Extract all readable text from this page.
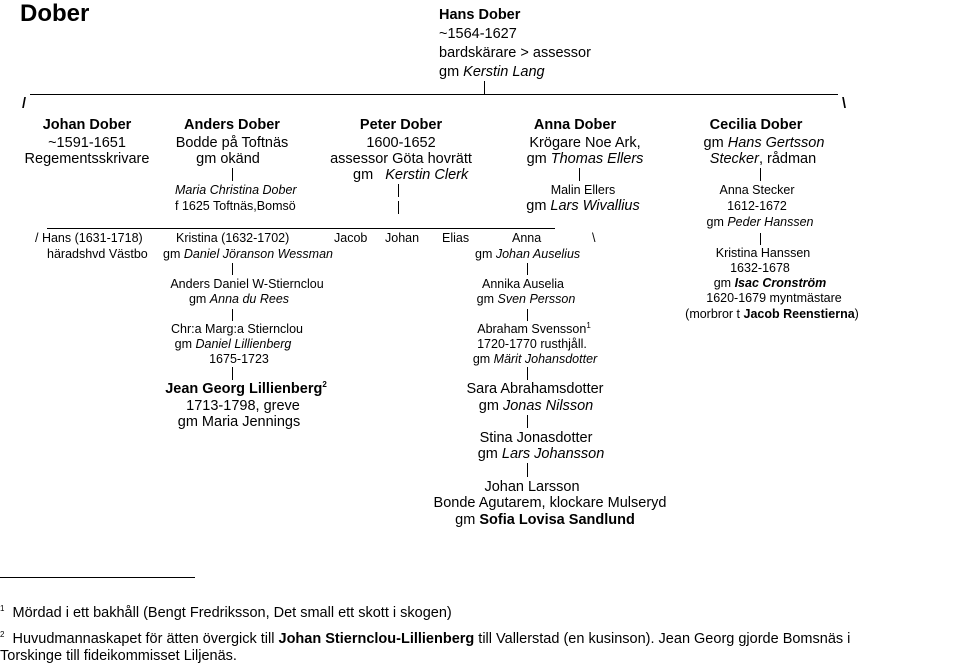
Dober	Hans Dober
~1564-1627
bardskärare > assessor
gm Kerstin Lang
/	\
Johan Dober
~1591-1651
Regementsskrivare
Anders Dober
Bodde på Toftnäs
gm okänd
Peter Dober
1600-1652
assessor Göta hovrätt
gm   Kerstin Clerk
Anna Dober
Krögare Noe Ark,
gm Thomas Ellers
Cecilia Dober
gm Hans Gertsson
Stecker, rådman
Maria Christina Dober
f 1625 Toftnäs,Bomsö
Malin Ellers
gm Lars Wivallius
Anna Stecker
1612-1672
gm Peder Hanssen
Kristina Hanssen
1632-1678
gm Isac Cronström
1620-1679 myntmästare
(morbror t Jacob Reenstierna)
/ Hans (1631-1718)
häradshvd Västbo
Kristina (1632-1702)
gm Daniel Jöranson Wessman
Jacob Johan Elias	Anna	\
gm Johan Auselius
Anders Daniel W-Stiernclou
gm Anna du Rees
Chr:a Marg:a Stiernclou
gm Daniel Lillienberg
1675-1723
Jean Georg Lillienberg$^2$
1713-1798, greve
gm Maria Jennings
Annika Auselia
gm Sven Persson
Abraham Svensson$^1$
1720-1770 rusthjåll.
gm Märit Johansdotter
Sara Abrahamsdotter
gm Jonas Nilsson
Stina Jonasdotter
gm Lars Johansson
Johan Larsson
Bonde Agutarem, klockare Mulseryd
gm Sofia Lovisa Sandlund
$^1$ Mördad i ett bakhåll (Bengt Fredriksson, Det small ett skott i skogen)
$^2$ Huvudmannaskapet för ätten övergick till Johan Stiernclou-Lillienberg till Vallerstad (en kusinson). Jean Georg gjorde Bomsnäs i
Torskinge till fideikommisset Liljenäs.
